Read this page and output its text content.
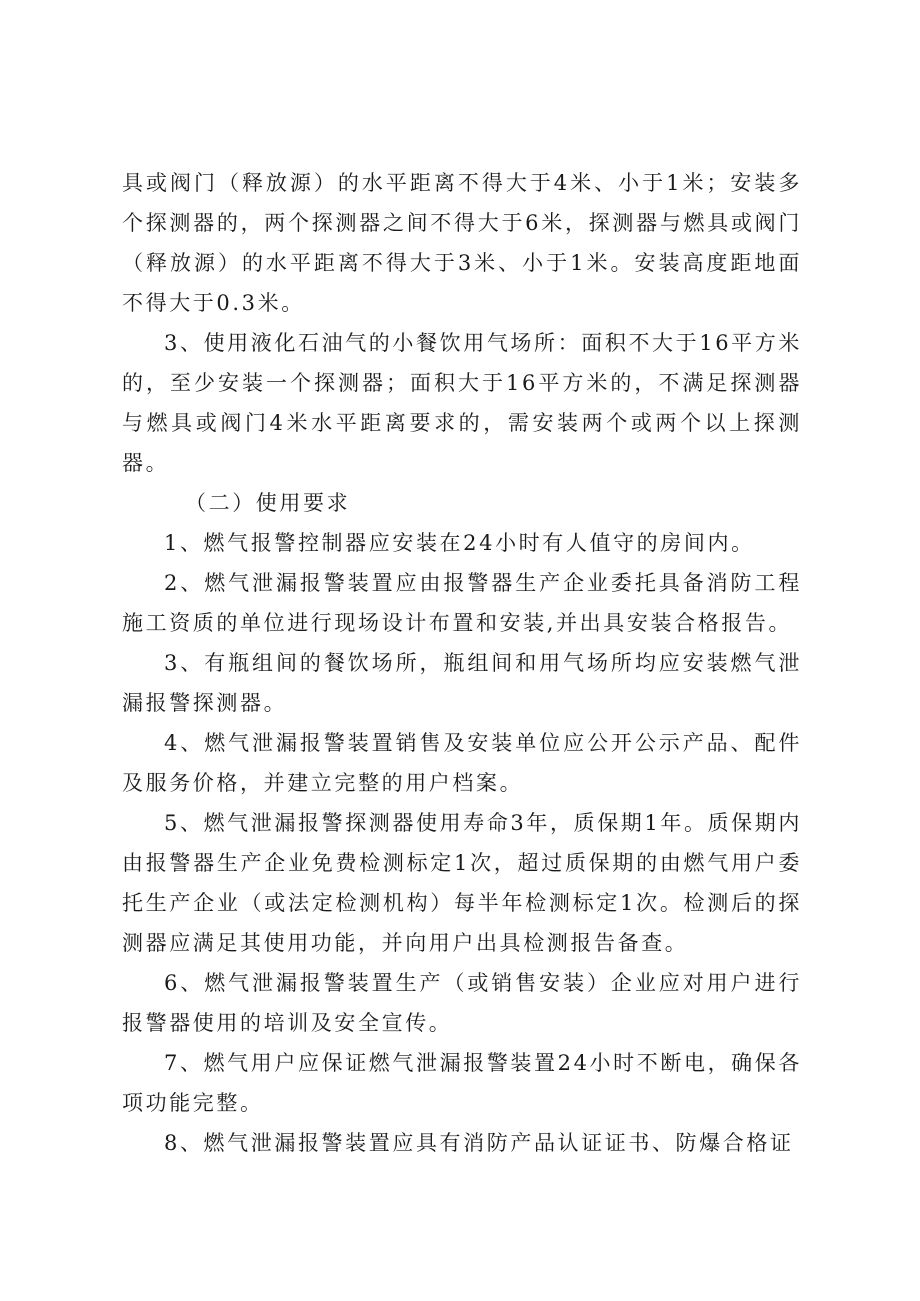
具或阀门（释放源）的水平距离不得大于4米、小于1米；安装多个探测器的，两个探测器之间不得大于6米，探测器与燃具或阀门（释放源）的水平距离不得大于3米、小于1米。安装高度距地面不得大于0.3米。

3、使用液化石油气的小餐饮用气场所：面积不大于16平方米的，至少安装一个探测器；面积大于16平方米的，不满足探测器与燃具或阀门4米水平距离要求的，需安装两个或两个以上探测器。

（二）使用要求

1、燃气报警控制器应安装在24小时有人值守的房间内。

2、燃气泄漏报警装置应由报警器生产企业委托具备消防工程施工资质的单位进行现场设计布置和安装,并出具安装合格报告。

3、有瓶组间的餐饮场所，瓶组间和用气场所均应安装燃气泄漏报警探测器。

4、燃气泄漏报警装置销售及安装单位应公开公示产品、配件及服务价格，并建立完整的用户档案。

5、燃气泄漏报警探测器使用寿命3年，质保期1年。质保期内由报警器生产企业免费检测标定1次，超过质保期的由燃气用户委托生产企业（或法定检测机构）每半年检测标定1次。检测后的探测器应满足其使用功能，并向用户出具检测报告备查。

6、燃气泄漏报警装置生产（或销售安装）企业应对用户进行报警器使用的培训及安全宣传。

7、燃气用户应保证燃气泄漏报警装置24小时不断电，确保各项功能完整。

8、燃气泄漏报警装置应具有消防产品认证证书、防爆合格证
